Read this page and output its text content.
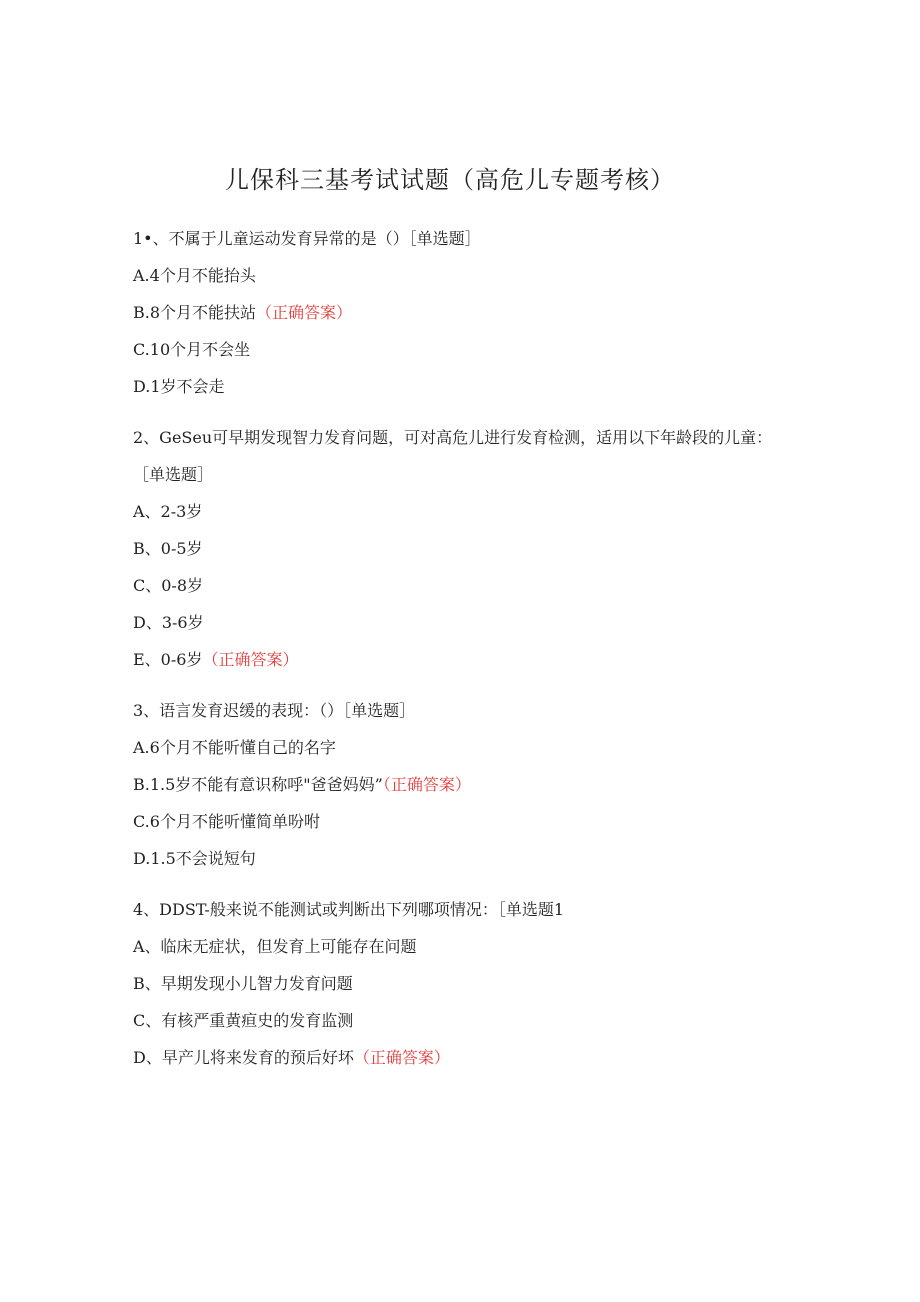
儿保科三基考试试题（高危儿专题考核）

1•、不属于儿童运动发育异常的是（）［单选题］

A.4个月不能抬头

B.8个月不能扶站（正确答案）

C.10个月不会坐

D.1岁不会走

2、GeSeu可早期发现智力发育问题，可对高危儿进行发育检测，适用以下年龄段的儿童：［单选题］

A、2-3岁

B、0-5岁

C、0-8岁

D、3-6岁

E、0-6岁（正确答案）

3、语言发育迟缓的表现：（）［单选题］

A.6个月不能听懂自己的名字

B.1.5岁不能有意识称呼"爸爸妈妈”（正确答案）

C.6个月不能听懂简单吩咐

D.1.5不会说短句

4、DDST-般来说不能测试或判断出下列哪项情况：［单选题1

A、临床无症状，但发育上可能存在问题

B、早期发现小儿智力发育问题

C、有核严重黄疸史的发育监测

D、早产儿将来发育的预后好坏（正确答案）
